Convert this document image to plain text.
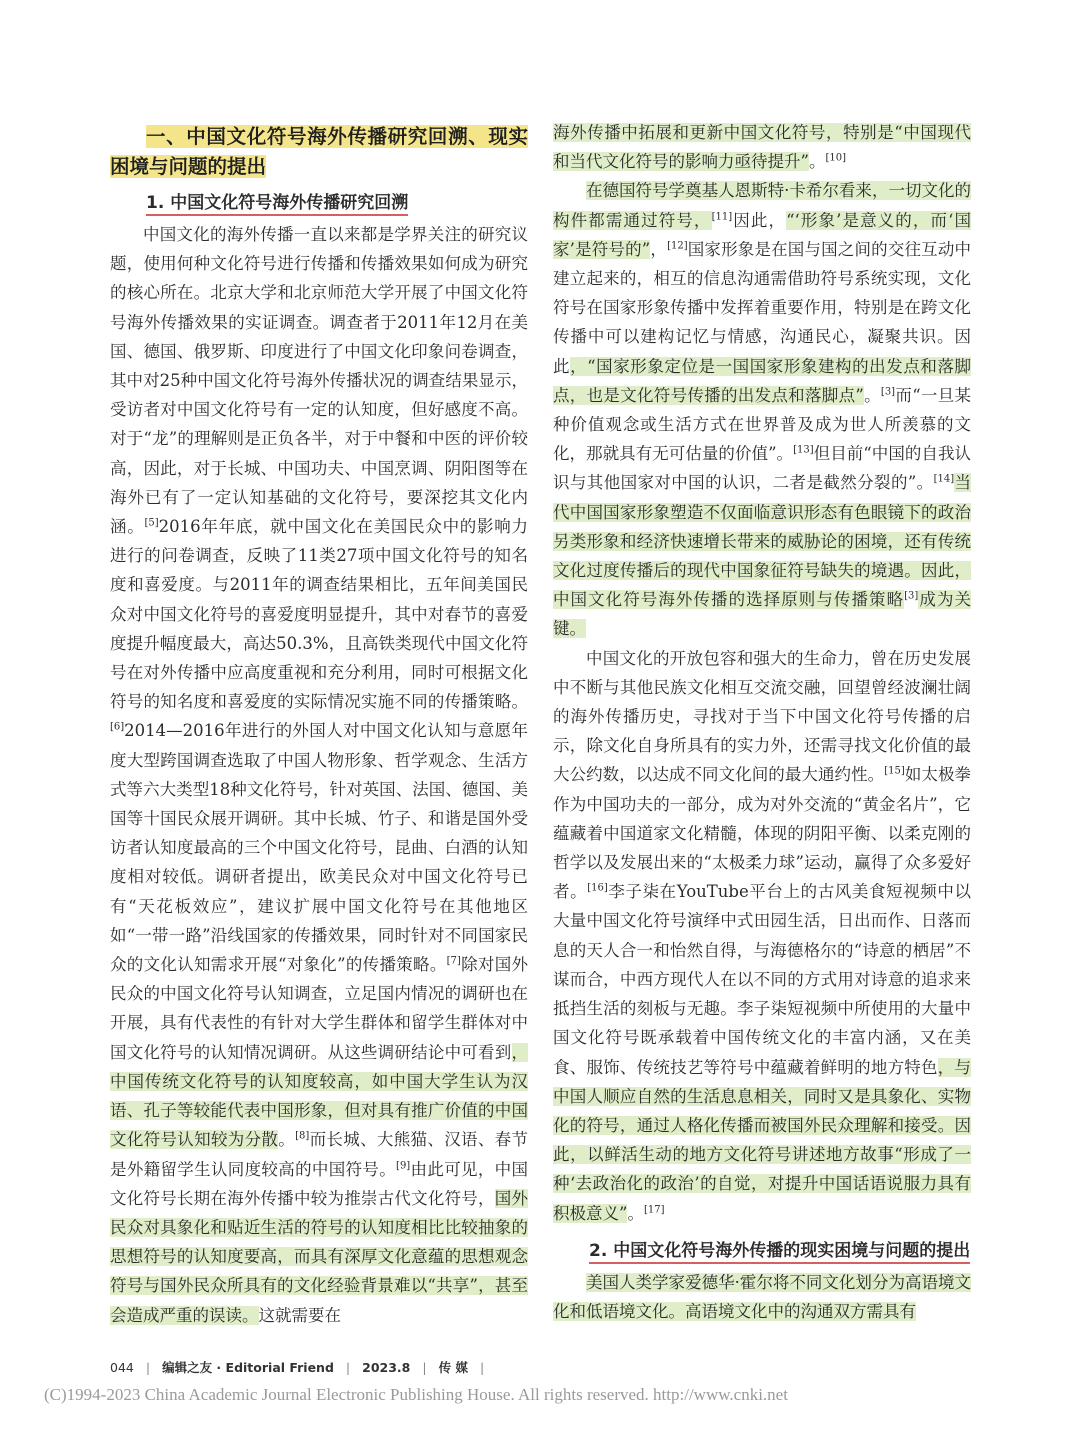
一、中国文化符号海外传播研究回溯、现实困境与问题的提出
1. 中国文化符号海外传播研究回溯

中国文化的海外传播一直以来都是学界关注的研究议题，使用何种文化符号进行传播和传播效果如何成为研究的核心所在。北京大学和北京师范大学开展了中国文化符号海外传播效果的实证调查。调查者于2011年12月在美国、德国、俄罗斯、印度进行了中国文化印象问卷调查，其中对25种中国文化符号海外传播状况的调查结果显示，受访者对中国文化符号有一定的认知度，但好感度不高。对于“龙”的理解则是正负各半，对于中餐和中医的评价较高，因此，对于长城、中国功夫、中国烹调、阴阳图等在海外已有了一定认知基础的文化符号，要深挖其文化内涵。[5]2016年年底，就中国文化在美国民众中的影响力进行的问卷调查，反映了11类27项中国文化符号的知名度和喜爱度。与2011年的调查结果相比，五年间美国民众对中国文化符号的喜爱度明显提升，其中对春节的喜爱度提升幅度最大，高达50.3%，且高铁类现代中国文化符号在对外传播中应高度重视和充分利用，同时可根据文化符号的知名度和喜爱度的实际情况实施不同的传播策略。[6]2014—2016年进行的外国人对中国文化认知与意愿年度大型跨国调查选取了中国人物形象、哲学观念、生活方式等六大类型18种文化符号，针对英国、法国、德国、美国等十国民众展开调研。其中长城、竹子、和谐是国外受访者认知度最高的三个中国文化符号，昆曲、白酒的认知度相对较低。调研者提出，欧美民众对中国文化符号已有“天花板效应”，建议扩展中国文化符号在其他地区如“一带一路”沿线国家的传播效果，同时针对不同国家民众的文化认知需求开展“对象化”的传播策略。[7]除对国外民众的中国文化符号认知调查，立足国内情况的调研也在开展，具有代表性的有针对大学生群体和留学生群体对中国文化符号的认知情况调研。从这些调研结论中可看到，中国传统文化符号的认知度较高，如中国大学生认为汉语、孔子等较能代表中国形象，但对具有推广价值的中国文化符号认知较为分散。[8]而长城、大熊猫、汉语、春节是外籍留学生认同度较高的中国符号。[9]由此可见，中国文化符号长期在海外传播中较为推崇古代文化符号，国外民众对具象化和贴近生活的符号的认知度相比比较抽象的思想符号的认知度要高，而具有深厚文化意蕴的思想观念符号与国外民众所具有的文化经验背景难以“共享”，甚至会造成严重的误读。这就需要在

海外传播中拓展和更新中国文化符号，特别是“中国现代和当代文化符号的影响力亟待提升”。[10]

在德国符号学奠基人恩斯特·卡希尔看来，一切文化的构件都需通过符号，[11]因此，“‘形象’是意义的，而‘国家’是符号的”，[12]国家形象是在国与国之间的交往互动中建立起来的，相互的信息沟通需借助符号系统实现，文化符号在国家形象传播中发挥着重要作用，特别是在跨文化传播中可以建构记忆与情感，沟通民心，凝聚共识。因此，“国家形象定位是一国国家形象建构的出发点和落脚点，也是文化符号传播的出发点和落脚点”。[3]而“一旦某种价值观念或生活方式在世界普及成为世人所羡慕的文化，那就具有无可估量的价值”。[13]但目前“中国的自我认识与其他国家对中国的认识，二者是截然分裂的”。[14]当代中国国家形象塑造不仅面临意识形态有色眼镜下的政治另类形象和经济快速增长带来的威胁论的困境，还有传统文化过度传播后的现代中国象征符号缺失的境遇。因此，中国文化符号海外传播的选择原则与传播策略[3]成为关键。

中国文化的开放包容和强大的生命力，曾在历史发展中不断与其他民族文化相互交流交融，回望曾经波澜壮阔的海外传播历史，寻找对于当下中国文化符号传播的启示，除文化自身所具有的实力外，还需寻找文化价值的最大公约数，以达成不同文化间的最大通约性。[15]如太极拳作为中国功夫的一部分，成为对外交流的“黄金名片”，它蕴藏着中国道家文化精髓，体现的阴阳平衡、以柔克刚的哲学以及发展出来的“太极柔力球”运动，赢得了众多爱好者。[16]李子柒在YouTube平台上的古风美食短视频中以大量中国文化符号演绎中式田园生活，日出而作、日落而息的天人合一和怡然自得，与海德格尔的“诗意的栖居”不谋而合，中西方现代人在以不同的方式用对诗意的追求来抵挡生活的刻板与无趣。李子柒短视频中所使用的大量中国文化符号既承载着中国传统文化的丰富内涵，又在美食、服饰、传统技艺等符号中蕴藏着鲜明的地方特色，与中国人顺应自然的生活息息相关，同时又是具象化、实物化的符号，通过人格化传播而被国外民众理解和接受。因此，以鲜活生动的地方文化符号讲述地方故事“形成了一种‘去政治化的政治’的自觉，对提升中国话语说服力具有积极意义”。[17]

2. 中国文化符号海外传播的现实困境与问题的提出

美国人类学家爱德华·霍尔将不同文化划分为高语境文化和低语境文化。高语境文化中的沟通双方需具有

044 | 编辑之友 · Editorial Friend | 2023.8 | 传 媒 |
(C)1994-2023 China Academic Journal Electronic Publishing House. All rights reserved. http://www.cnki.net
